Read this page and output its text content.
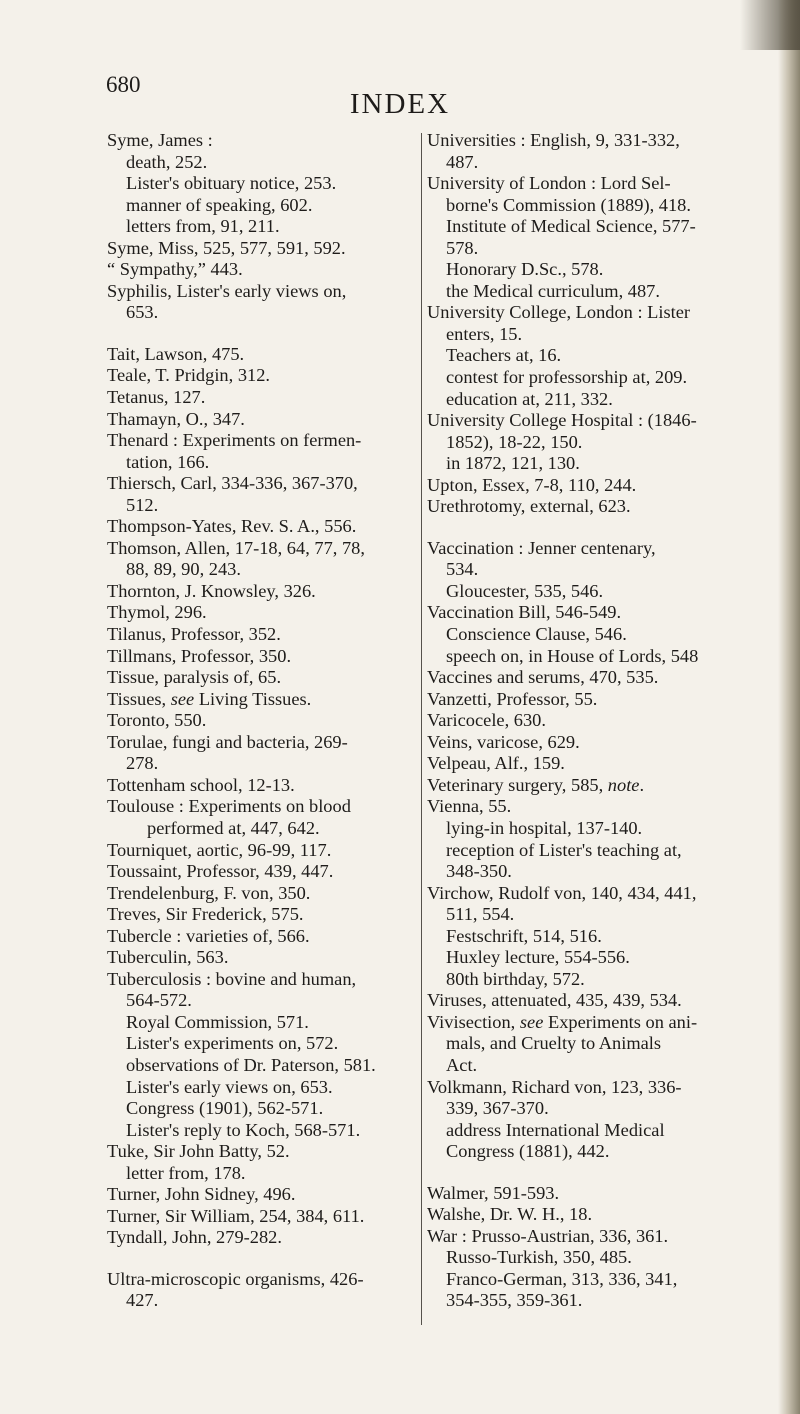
680
INDEX
Syme, James :
death, 252.
Lister's obituary notice, 253.
manner of speaking, 602.
letters from, 91, 211.
Syme, Miss, 525, 577, 591, 592.
“ Sympathy,” 443.
Syphilis, Lister's early views on,
653.
Tait, Lawson, 475.
Teale, T. Pridgin, 312.
Tetanus, 127.
Thamayn, O., 347.
Thenard : Experiments on fermen-
tation, 166.
Thiersch, Carl, 334-336, 367-370,
512.
Thompson-Yates, Rev. S. A., 556.
Thomson, Allen, 17-18, 64, 77, 78,
88, 89, 90, 243.
Thornton, J. Knowsley, 326.
Thymol, 296.
Tilanus, Professor, 352.
Tillmans, Professor, 350.
Tissue, paralysis of, 65.
Tissues, see Living Tissues.
Toronto, 550.
Torulae, fungi and bacteria, 269-
278.
Tottenham school, 12-13.
Toulouse : Experiments on blood
performed at, 447, 642.
Tourniquet, aortic, 96-99, 117.
Toussaint, Professor, 439, 447.
Trendelenburg, F. von, 350.
Treves, Sir Frederick, 575.
Tubercle : varieties of, 566.
Tuberculin, 563.
Tuberculosis : bovine and human,
564-572.
Royal Commission, 571.
Lister's experiments on, 572.
observations of Dr. Paterson, 581.
Lister's early views on, 653.
Congress (1901), 562-571.
Lister's reply to Koch, 568-571.
Tuke, Sir John Batty, 52.
letter from, 178.
Turner, John Sidney, 496.
Turner, Sir William, 254, 384, 611.
Tyndall, John, 279-282.
Ultra-microscopic organisms, 426-
427.
Universities : English, 9, 331-332,
487.
University of London : Lord Sel-
borne's Commission (1889), 418.
Institute of Medical Science, 577-
578.
Honorary D.Sc., 578.
the Medical curriculum, 487.
University College, London : Lister
enters, 15.
Teachers at, 16.
contest for professorship at, 209.
education at, 211, 332.
University College Hospital : (1846-
1852), 18-22, 150.
in 1872, 121, 130.
Upton, Essex, 7-8, 110, 244.
Urethrotomy, external, 623.
Vaccination : Jenner centenary,
534.
Gloucester, 535, 546.
Vaccination Bill, 546-549.
Conscience Clause, 546.
speech on, in House of Lords, 548
Vaccines and serums, 470, 535.
Vanzetti, Professor, 55.
Varicocele, 630.
Veins, varicose, 629.
Velpeau, Alf., 159.
Veterinary surgery, 585, note.
Vienna, 55.
lying-in hospital, 137-140.
reception of Lister's teaching at,
348-350.
Virchow, Rudolf von, 140, 434, 441,
511, 554.
Festschrift, 514, 516.
Huxley lecture, 554-556.
80th birthday, 572.
Viruses, attenuated, 435, 439, 534.
Vivisection, see Experiments on ani-
mals, and Cruelty to Animals
Act.
Volkmann, Richard von, 123, 336-
339, 367-370.
address International Medical
Congress (1881), 442.
Walmer, 591-593.
Walshe, Dr. W. H., 18.
War : Prusso-Austrian, 336, 361.
Russo-Turkish, 350, 485.
Franco-German, 313, 336, 341,
354-355, 359-361.
